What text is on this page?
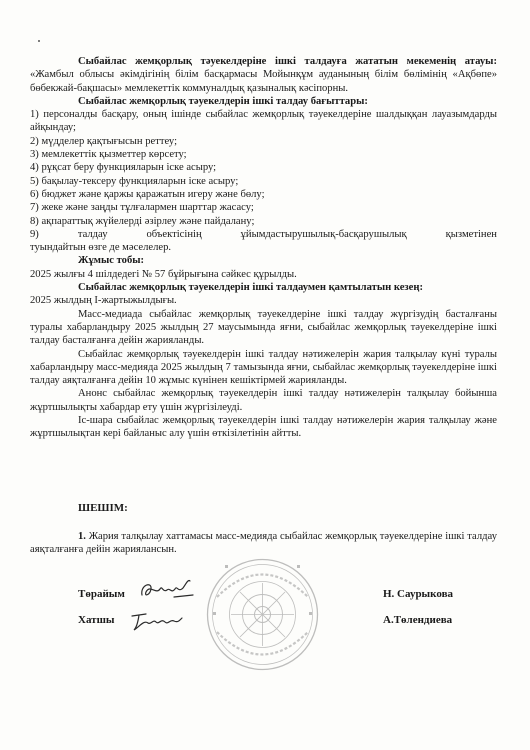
Сыбайлас жемқорлық тәуекелдеріне ішкі талдауға жататын мекеменің атауы: «Жамбыл облысы әкімдігінің білім басқармасы Мойынқұм ауданының білім бөлімінің «Ақбөпе» бөбекжай-бақшасы» мемлекеттік коммуналдық қазыналық кәсіпорны.

Сыбайлас жемқорлық тәуекелдерін ішкі талдау бағыттары:

1) персоналды басқару, оның ішінде сыбайлас жемқорлық тәуекелдеріне шалдыққан лауазымдарды айқындау;
2) мүдделер қақтығысын реттеу;
3) мемлекеттік қызметтер көрсету;
4) рұқсат беру функцияларын іске асыру;
5) бақылау-тексеру функцияларын іске асыру;
6) бюджет және қаржы қаражатын игеру және бөлу;
7) жеке және заңды тұлғалармен шарттар жасасу;
8) ақпараттық жүйелерді әзірлеу және пайдалану;
9)	талдау	объектісінің	ұйымдастырушылық-басқарушылық	қызметінен
туындайтын өзге де мәселелер.

Жұмыс тобы:

2025 жылғы 4 шілдедегі № 57 бұйрығына сәйкес құрылды.

Сыбайлас жемқорлық тәуекелдерін ішкі талдаумен қамтылатын кезең:

2025 жылдың I-жартыжылдығы.

Масс-медиада сыбайлас жемқорлық тәуекелдеріне ішкі талдау жүргізудің басталғаны туралы хабарландыру 2025 жылдың 27 маусымында яғни, сыбайлас жемқорлық тәуекелдеріне ішкі талдау басталғанға дейін жарияланды.

Сыбайлас жемқорлық тәуекелдерін ішкі талдау нәтижелерін жария талқылау күні туралы хабарландыру масс-медияда 2025 жылдың 7 тамызында яғни, сыбайлас жемқорлық тәуекелдеріне ішкі талдау аяқталғанға дейін 10 жұмыс күнінен кешіктірмей жарияланды.

Анонс сыбайлас жемқорлық тәуекелдерін ішкі талдау нәтижелерін талқылау бойынша жұртшылықты хабардар ету үшін жүргізілеуді.

Іс-шара сыбайлас жемқорлық тәуекелдерін ішкі талдау нәтижелерін жария талқылау және жұртшылықтан кері байланыс алу үшін өткізілетінін айтты.

ШЕШІМ:

1. Жария талқылау хаттамасы масс-медияда сыбайлас жемқорлық тәуекелдеріне ішкі талдау аяқталғанға дейін жариялансын.

Төрайым
Хатшы
Н. Саурыкова
А.Төлендиева
